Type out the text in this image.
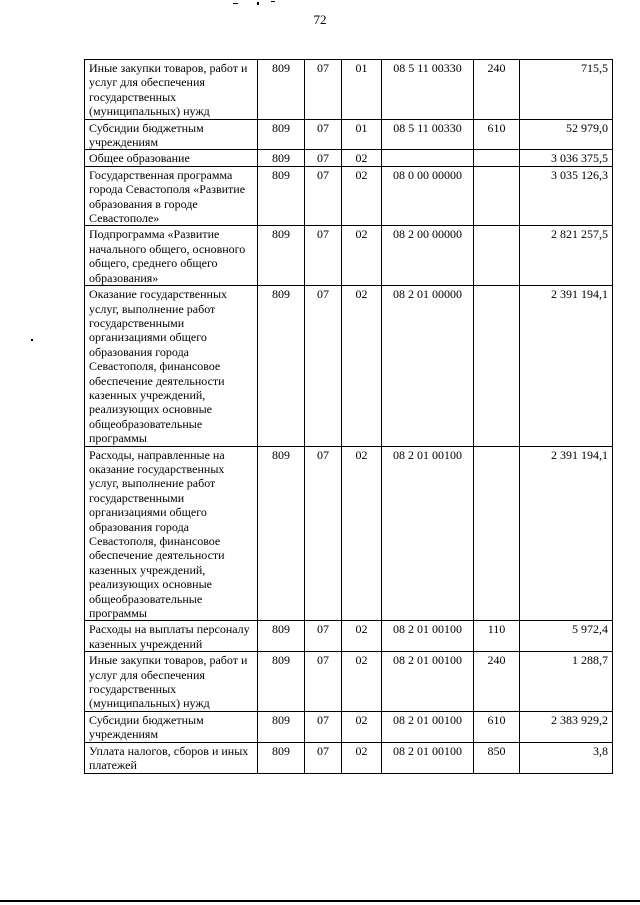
72
Иные закупки товаров, работ и услуг для обеспечения государственных (муниципальных) нужд	809	07	01	08 5 11 00330	240	715,5
Субсидии бюджетным учреждениям	809	07	01	08 5 11 00330	610	52 979,0
Общее образование	809	07	02			3 036 375,5
Государственная программа города Севастополя «Развитие образования в городе Севастополе»	809	07	02	08 0 00 00000		3 035 126,3
Подпрограмма «Развитие начального общего, основного общего, среднего общего образования»	809	07	02	08 2 00 00000		2 821 257,5
Оказание государственных услуг, выполнение работ государственными организациями общего образования города Севастополя, финансовое обеспечение деятельности казенных учреждений, реализующих основные общеобразовательные программы	809	07	02	08 2 01 00000		2 391 194,1
Расходы, направленные на оказание государственных услуг, выполнение работ государственными организациями общего образования города Севастополя, финансовое обеспечение деятельности казенных учреждений, реализующих основные общеобразовательные программы	809	07	02	08 2 01 00100		2 391 194,1
Расходы на выплаты персоналу казенных учреждений	809	07	02	08 2 01 00100	110	5 972,4
Иные закупки товаров, работ и услуг для обеспечения государственных (муниципальных) нужд	809	07	02	08 2 01 00100	240	1 288,7
Субсидии бюджетным учреждениям	809	07	02	08 2 01 00100	610	2 383 929,2
Уплата налогов, сборов и иных платежей	809	07	02	08 2 01 00100	850	3,8
